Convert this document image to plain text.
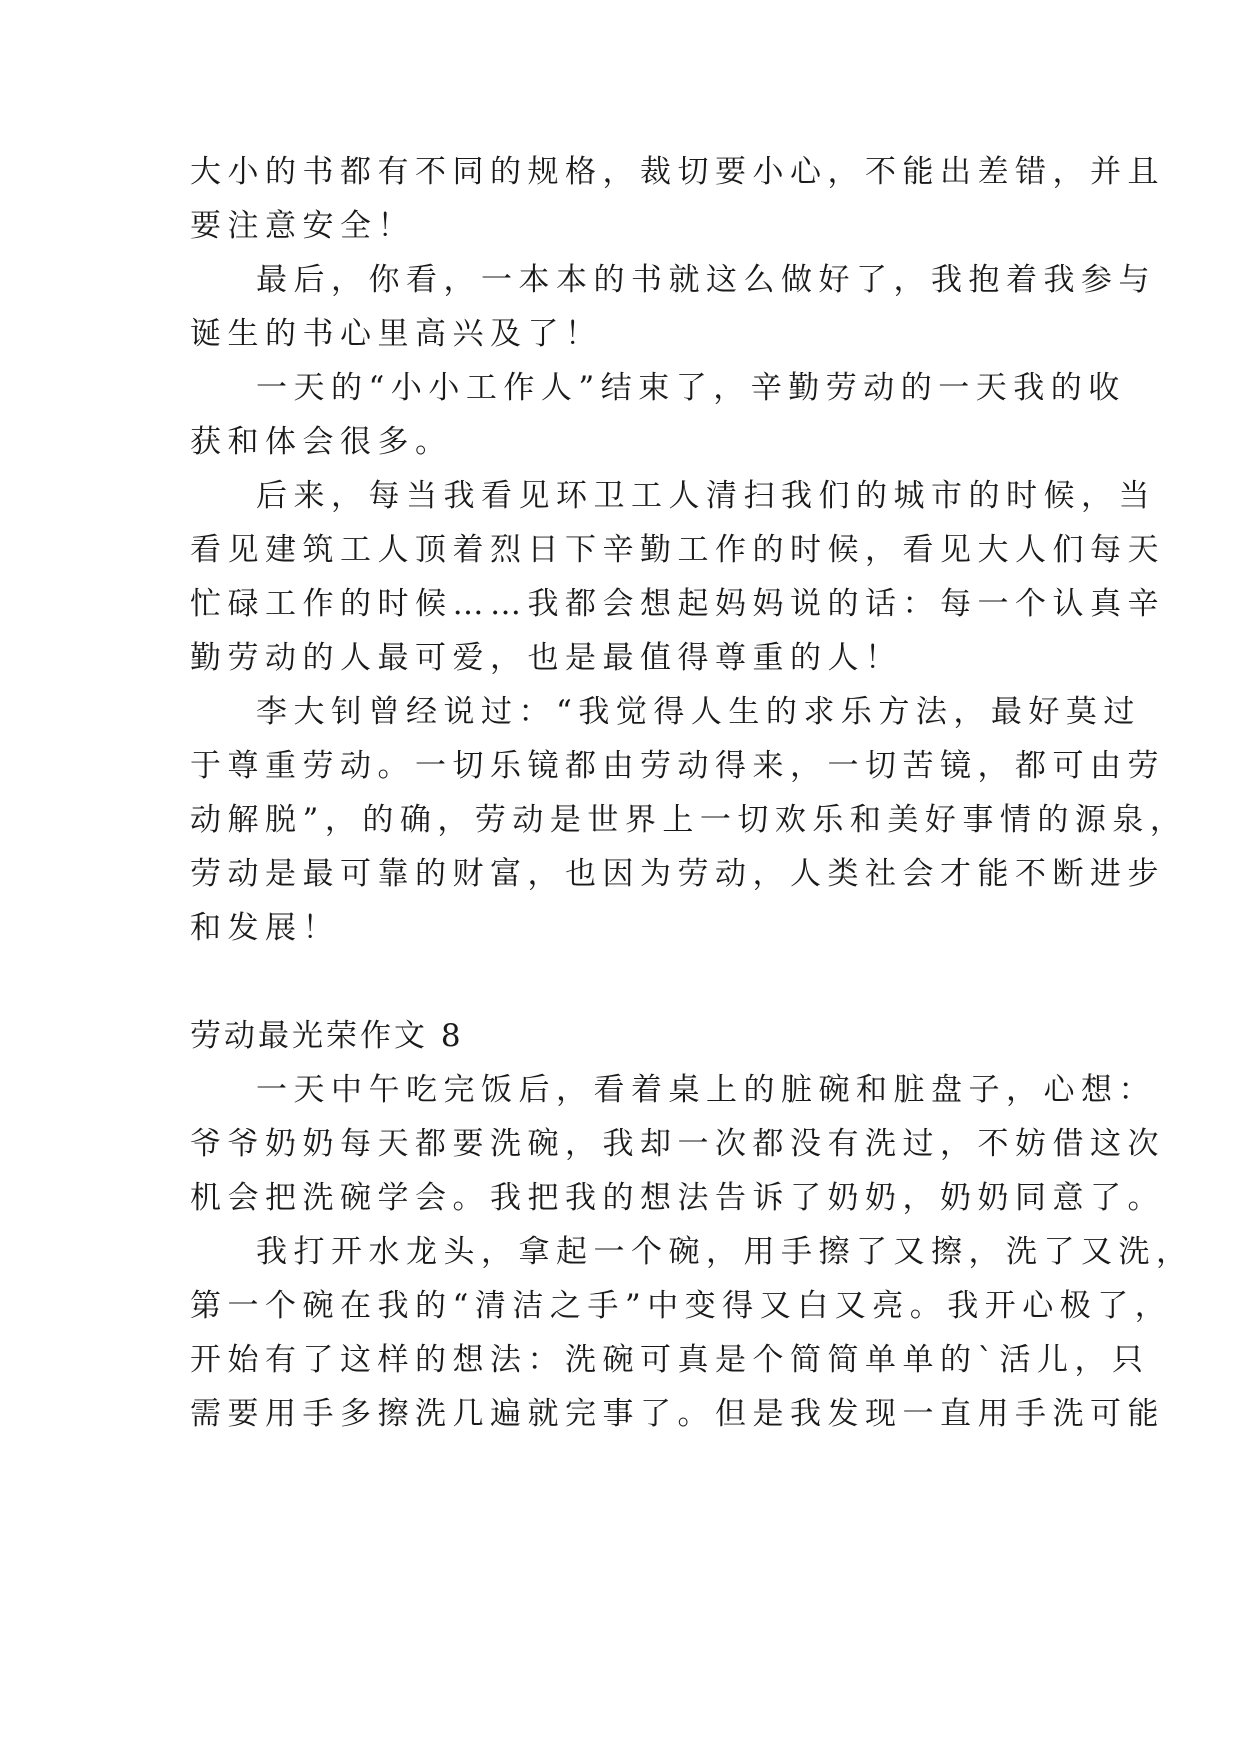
大小的书都有不同的规格，裁切要小心，不能出差错，并且
要注意安全！
最后，你看，一本本的书就这么做好了，我抱着我参与
诞生的书心里高兴及了！
一天的“小小工作人”结束了，辛勤劳动的一天我的收
获和体会很多。
后来，每当我看见环卫工人清扫我们的城市的时候，当
看见建筑工人顶着烈日下辛勤工作的时候，看见大人们每天
忙碌工作的时候……我都会想起妈妈说的话：每一个认真辛
勤劳动的人最可爱，也是最值得尊重的人！
李大钊曾经说过：“我觉得人生的求乐方法，最好莫过
于尊重劳动。一切乐镜都由劳动得来，一切苦镜，都可由劳
动解脱”，的确，劳动是世界上一切欢乐和美好事情的源泉，
劳动是最可靠的财富，也因为劳动，人类社会才能不断进步
和发展！
劳动最光荣作文 8
一天中午吃完饭后，看着桌上的脏碗和脏盘子，心想：
爷爷奶奶每天都要洗碗，我却一次都没有洗过，不妨借这次
机会把洗碗学会。我把我的想法告诉了奶奶，奶奶同意了。
我打开水龙头，拿起一个碗，用手擦了又擦，洗了又洗，
第一个碗在我的“清洁之手”中变得又白又亮。我开心极了，
开始有了这样的想法：洗碗可真是个简简单单的`活儿，只
需要用手多擦洗几遍就完事了。但是我发现一直用手洗可能
